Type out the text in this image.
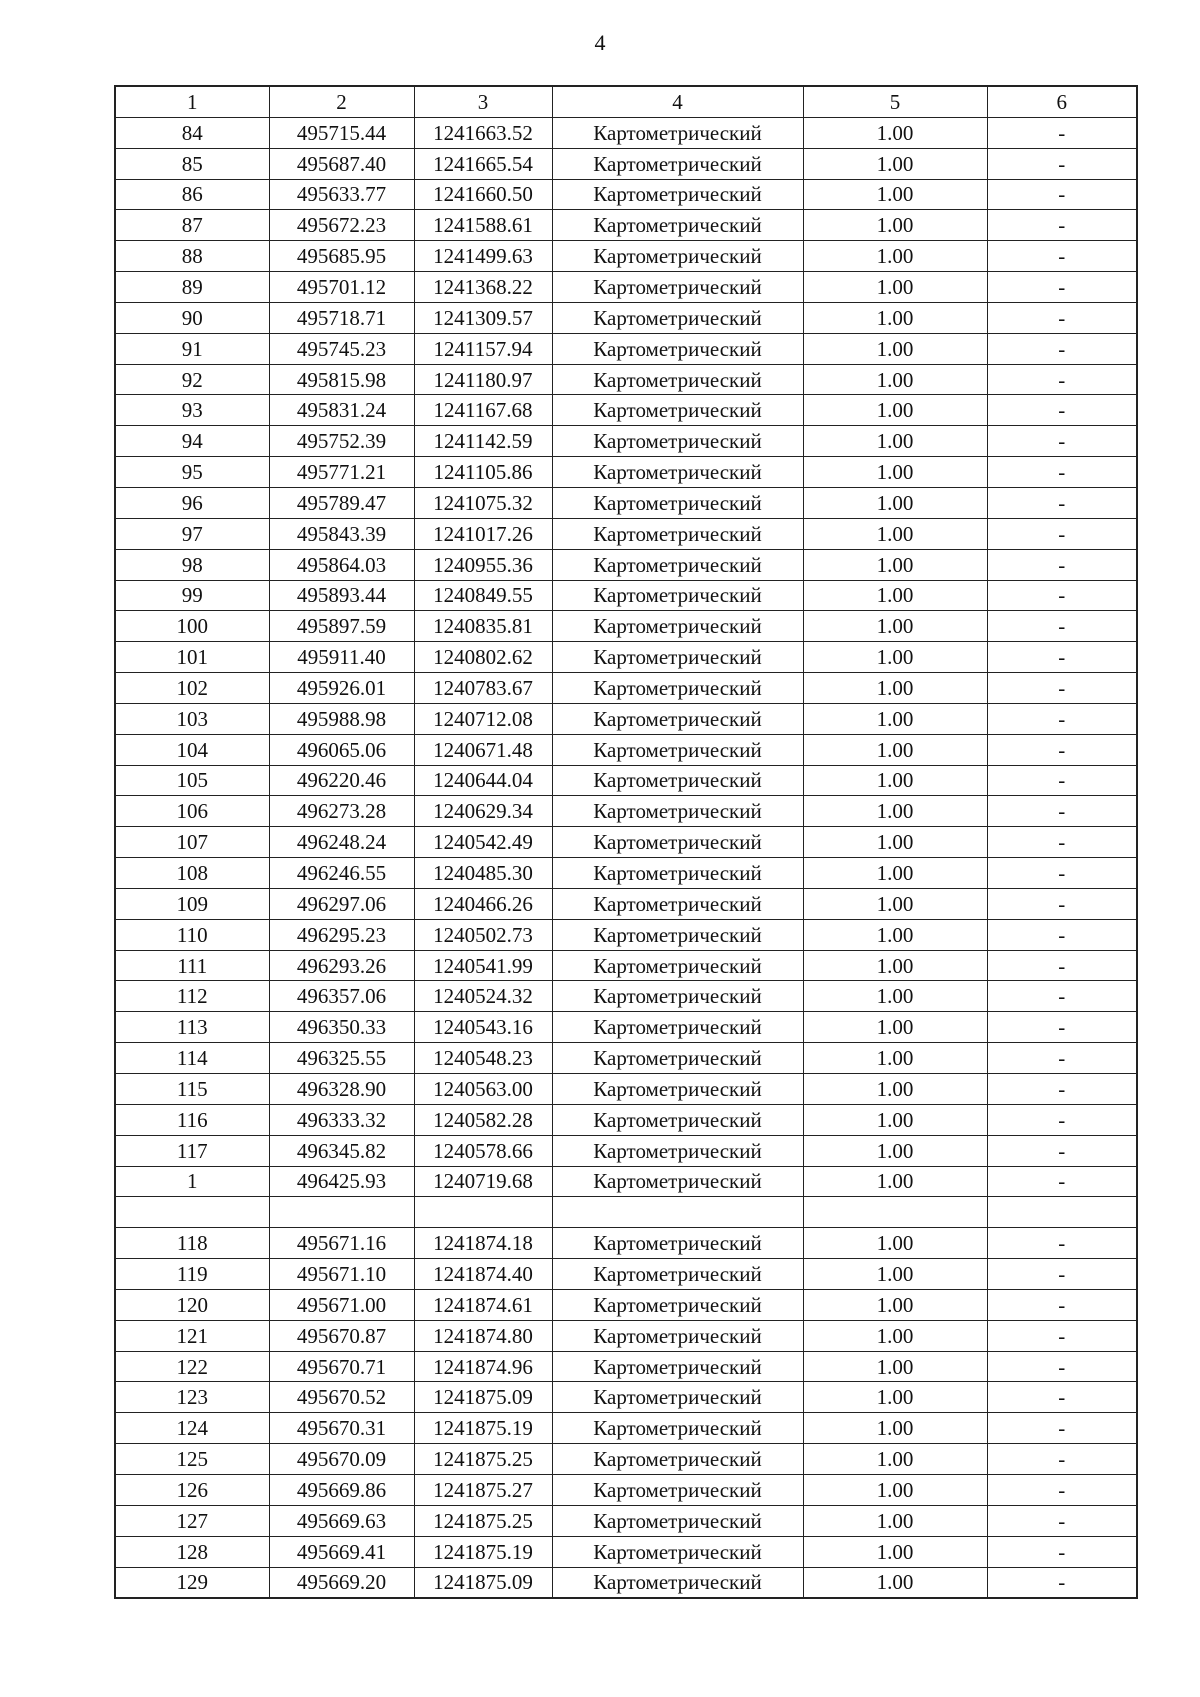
4
1	2	3	4	5	6
84	495715.44	1241663.52	Картометрический	1.00	-
85	495687.40	1241665.54	Картометрический	1.00	-
86	495633.77	1241660.50	Картометрический	1.00	-
87	495672.23	1241588.61	Картометрический	1.00	-
88	495685.95	1241499.63	Картометрический	1.00	-
89	495701.12	1241368.22	Картометрический	1.00	-
90	495718.71	1241309.57	Картометрический	1.00	-
91	495745.23	1241157.94	Картометрический	1.00	-
92	495815.98	1241180.97	Картометрический	1.00	-
93	495831.24	1241167.68	Картометрический	1.00	-
94	495752.39	1241142.59	Картометрический	1.00	-
95	495771.21	1241105.86	Картометрический	1.00	-
96	495789.47	1241075.32	Картометрический	1.00	-
97	495843.39	1241017.26	Картометрический	1.00	-
98	495864.03	1240955.36	Картометрический	1.00	-
99	495893.44	1240849.55	Картометрический	1.00	-
100	495897.59	1240835.81	Картометрический	1.00	-
101	495911.40	1240802.62	Картометрический	1.00	-
102	495926.01	1240783.67	Картометрический	1.00	-
103	495988.98	1240712.08	Картометрический	1.00	-
104	496065.06	1240671.48	Картометрический	1.00	-
105	496220.46	1240644.04	Картометрический	1.00	-
106	496273.28	1240629.34	Картометрический	1.00	-
107	496248.24	1240542.49	Картометрический	1.00	-
108	496246.55	1240485.30	Картометрический	1.00	-
109	496297.06	1240466.26	Картометрический	1.00	-
110	496295.23	1240502.73	Картометрический	1.00	-
111	496293.26	1240541.99	Картометрический	1.00	-
112	496357.06	1240524.32	Картометрический	1.00	-
113	496350.33	1240543.16	Картометрический	1.00	-
114	496325.55	1240548.23	Картометрический	1.00	-
115	496328.90	1240563.00	Картометрический	1.00	-
116	496333.32	1240582.28	Картометрический	1.00	-
117	496345.82	1240578.66	Картометрический	1.00	-
1	496425.93	1240719.68	Картометрический	1.00	-

118	495671.16	1241874.18	Картометрический	1.00	-
119	495671.10	1241874.40	Картометрический	1.00	-
120	495671.00	1241874.61	Картометрический	1.00	-
121	495670.87	1241874.80	Картометрический	1.00	-
122	495670.71	1241874.96	Картометрический	1.00	-
123	495670.52	1241875.09	Картометрический	1.00	-
124	495670.31	1241875.19	Картометрический	1.00	-
125	495670.09	1241875.25	Картометрический	1.00	-
126	495669.86	1241875.27	Картометрический	1.00	-
127	495669.63	1241875.25	Картометрический	1.00	-
128	495669.41	1241875.19	Картометрический	1.00	-
129	495669.20	1241875.09	Картометрический	1.00	-
